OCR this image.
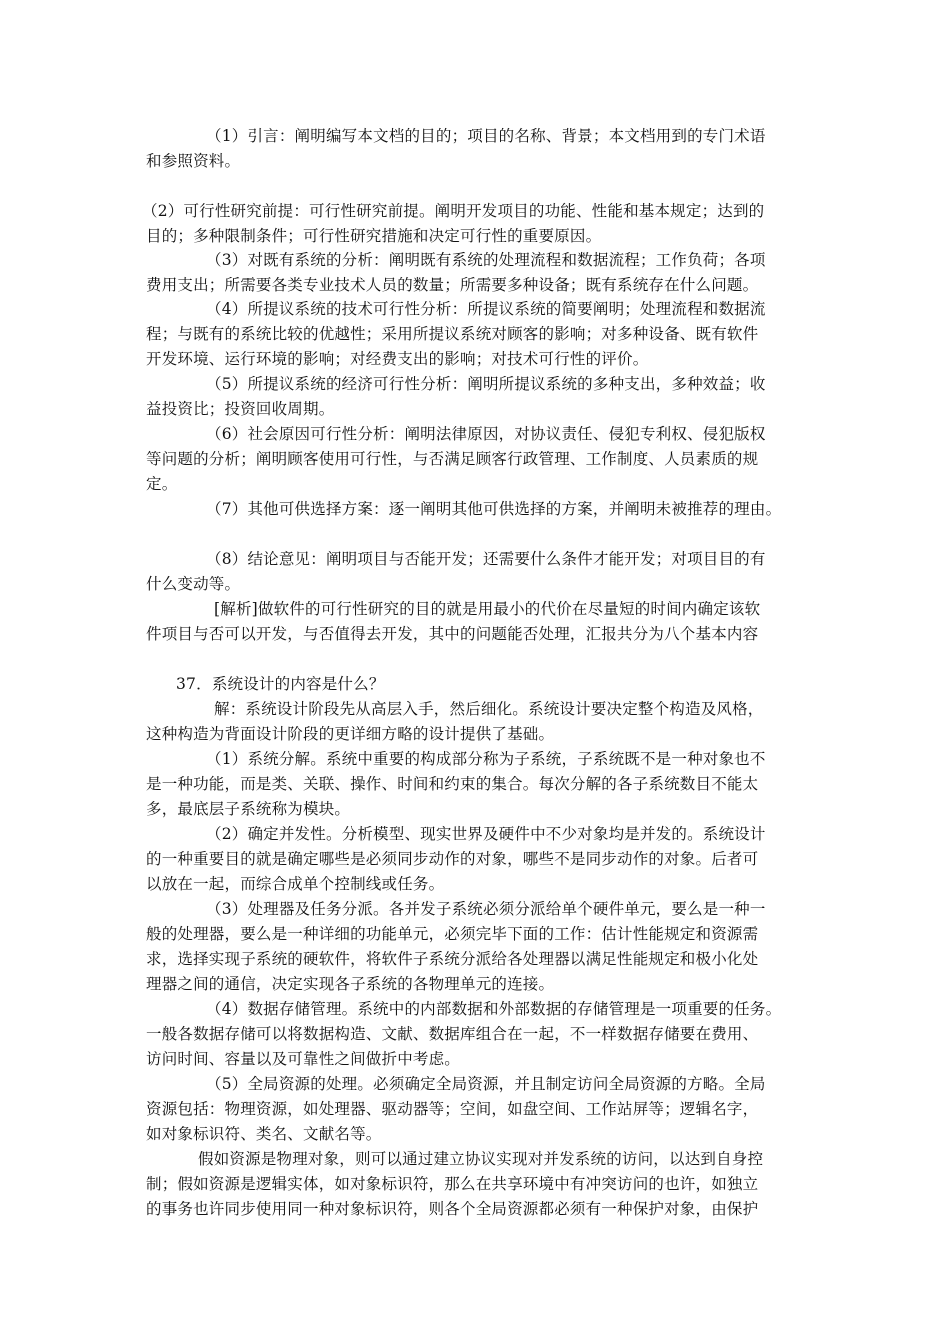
（1）引言：阐明编写本文档的目的；项目的名称、背景；本文档用到的专门术语
和参照资料。
（2）可行性研究前提：可行性研究前提。阐明开发项目的功能、性能和基本规定；达到的
目的；多种限制条件；可行性研究措施和决定可行性的重要原因。
（3）对既有系统的分析：阐明既有系统的处理流程和数据流程；工作负荷；各项
费用支出；所需要各类专业技术人员的数量；所需要多种设备；既有系统存在什么问题。
（4）所提议系统的技术可行性分析：所提议系统的简要阐明；处理流程和数据流
程；与既有的系统比较的优越性；采用所提议系统对顾客的影响；对多种设备、既有软件
开发环境、运行环境的影响；对经费支出的影响；对技术可行性的评价。
（5）所提议系统的经济可行性分析：阐明所提议系统的多种支出，多种效益；收
益投资比；投资回收周期。
（6）社会原因可行性分析：阐明法律原因，对协议责任、侵犯专利权、侵犯版权
等问题的分析；阐明顾客使用可行性，与否满足顾客行政管理、工作制度、人员素质的规
定。
（7）其他可供选择方案：逐一阐明其他可供选择的方案，并阐明未被推荐的理由。
（8）结论意见：阐明项目与否能开发；还需要什么条件才能开发；对项目目的有
什么变动等。
[解析]做软件的可行性研究的目的就是用最小的代价在尽量短的时间内确定该软
件项目与否可以开发，与否值得去开发，其中的问题能否处理，汇报共分为八个基本内容
37．系统设计的内容是什么？
解：系统设计阶段先从高层入手，然后细化。系统设计要决定整个构造及风格，
这种构造为背面设计阶段的更详细方略的设计提供了基础。
（1）系统分解。系统中重要的构成部分称为子系统，子系统既不是一种对象也不
是一种功能，而是类、关联、操作、时间和约束的集合。每次分解的各子系统数目不能太
多，最底层子系统称为模块。
（2）确定并发性。分析模型、现实世界及硬件中不少对象均是并发的。系统设计
的一种重要目的就是确定哪些是必须同步动作的对象，哪些不是同步动作的对象。后者可
以放在一起，而综合成单个控制线或任务。
（3）处理器及任务分派。各并发子系统必须分派给单个硬件单元，要么是一种一
般的处理器，要么是一种详细的功能单元，必须完毕下面的工作：估计性能规定和资源需
求，选择实现子系统的硬软件，将软件子系统分派给各处理器以满足性能规定和极小化处
理器之间的通信，决定实现各子系统的各物理单元的连接。
（4）数据存储管理。系统中的内部数据和外部数据的存储管理是一项重要的任务。
一般各数据存储可以将数据构造、文献、数据库组合在一起，不一样数据存储要在费用、
访问时间、容量以及可靠性之间做折中考虑。
（5）全局资源的处理。必须确定全局资源，并且制定访问全局资源的方略。全局
资源包括：物理资源，如处理器、驱动器等；空间，如盘空间、工作站屏等；逻辑名字，
如对象标识符、类名、文献名等。
假如资源是物理对象，则可以通过建立协议实现对并发系统的访问，以达到自身控
制；假如资源是逻辑实体，如对象标识符，那么在共享环境中有冲突访问的也许，如独立
的事务也许同步使用同一种对象标识符，则各个全局资源都必须有一种保护对象，由保护
